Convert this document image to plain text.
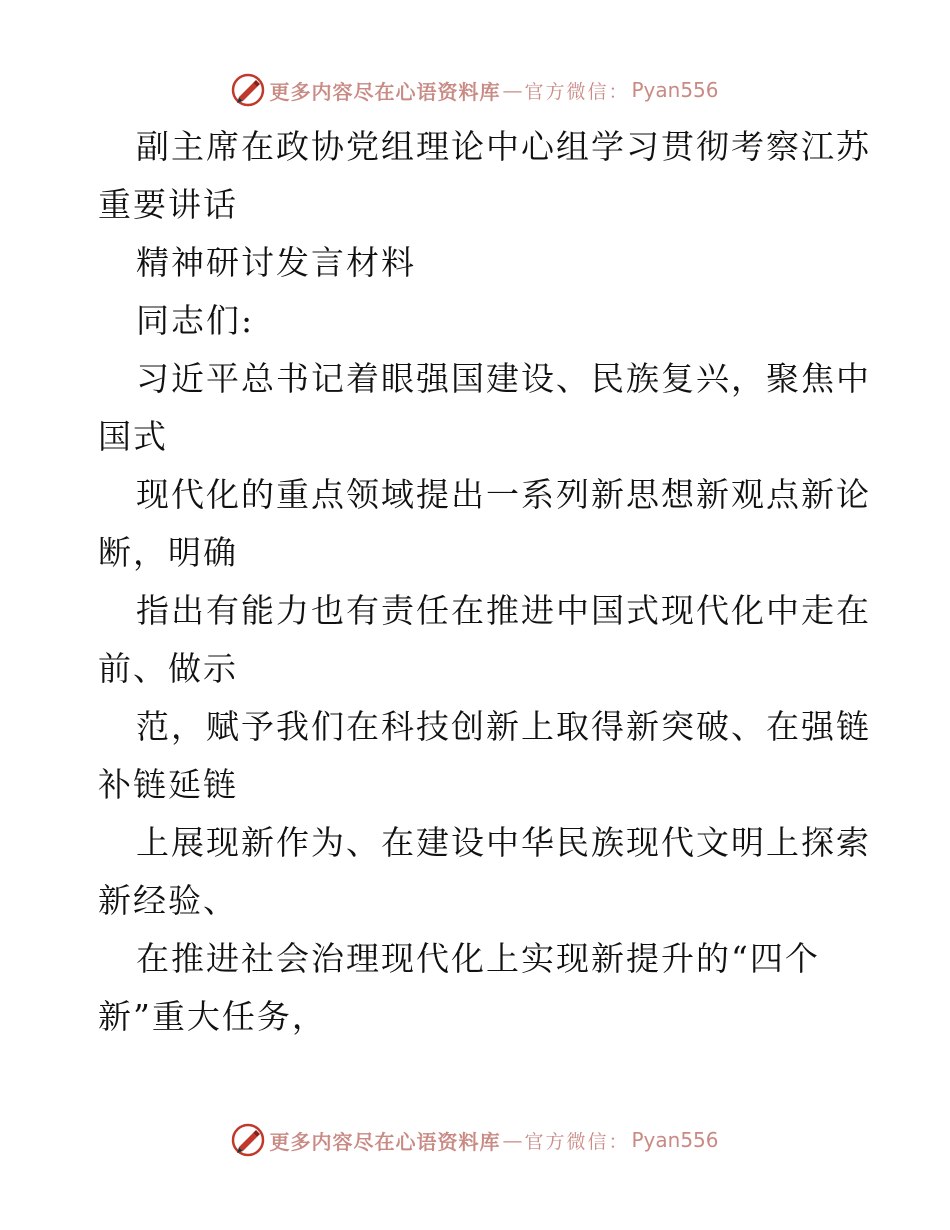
更多内容尽在心语资料库 — 官方微信： Pyan556
副主席在政协党组理论中心组学习贯彻考察江苏
重要讲话
精神研讨发言材料
同志们:
习近平总书记着眼强国建设、民族复兴，聚焦中
国式
现代化的重点领域提出一系列新思想新观点新论
断，明确
指出有能力也有责任在推进中国式现代化中走在
前、做示
范，赋予我们在科技创新上取得新突破、在强链
补链延链
上展现新作为、在建设中华民族现代文明上探索
新经验、
在推进社会治理现代化上实现新提升的“四个
新”重大任务，
更多内容尽在心语资料库 — 官方微信： Pyan556
